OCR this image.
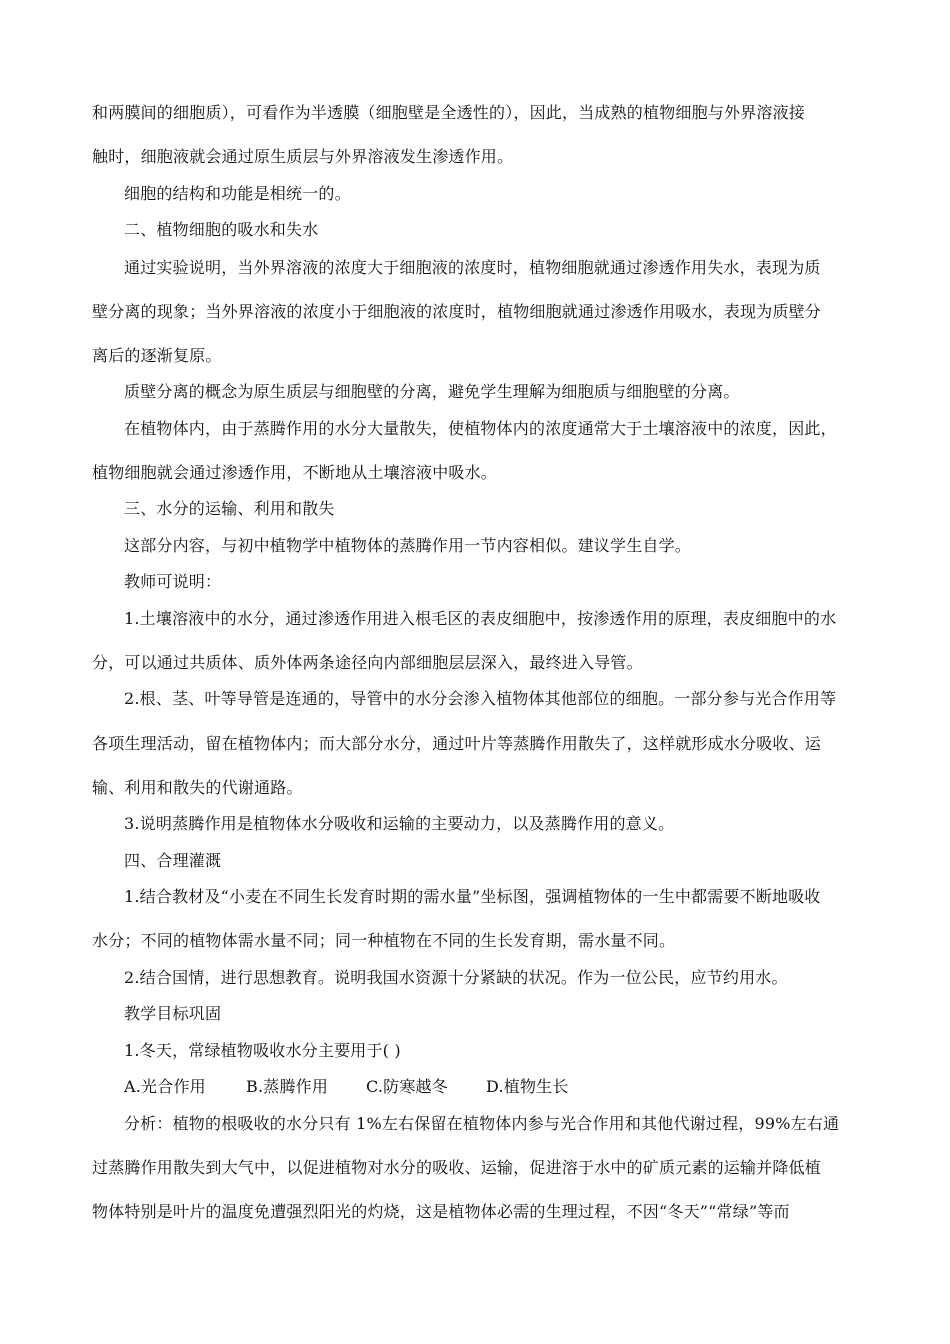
和两膜间的细胞质），可看作为半透膜（细胞壁是全透性的），因此，当成熟的植物细胞与外界溶液接
触时，细胞液就会通过原生质层与外界溶液发生渗透作用。
细胞的结构和功能是相统一的。
二、植物细胞的吸水和失水
通过实验说明，当外界溶液的浓度大于细胞液的浓度时，植物细胞就通过渗透作用失水，表现为质
壁分离的现象；当外界溶液的浓度小于细胞液的浓度时，植物细胞就通过渗透作用吸水，表现为质壁分
离后的逐渐复原。
质壁分离的概念为原生质层与细胞壁的分离，避免学生理解为细胞质与细胞壁的分离。
在植物体内，由于蒸腾作用的水分大量散失，使植物体内的浓度通常大于土壤溶液中的浓度，因此，
植物细胞就会通过渗透作用，不断地从土壤溶液中吸水。
三、水分的运输、利用和散失
这部分内容，与初中植物学中植物体的蒸腾作用一节内容相似。建议学生自学。
教师可说明：
1.土壤溶液中的水分，通过渗透作用进入根毛区的表皮细胞中，按渗透作用的原理，表皮细胞中的水
分，可以通过共质体、质外体两条途径向内部细胞层层深入，最终进入导管。
2.根、茎、叶等导管是连通的，导管中的水分会渗入植物体其他部位的细胞。一部分参与光合作用等
各项生理活动，留在植物体内；而大部分水分，通过叶片等蒸腾作用散失了，这样就形成水分吸收、运
输、利用和散失的代谢通路。
3.说明蒸腾作用是植物体水分吸收和运输的主要动力，以及蒸腾作用的意义。
四、合理灌溉
1.结合教材及“小麦在不同生长发育时期的需水量”坐标图，强调植物体的一生中都需要不断地吸收
水分；不同的植物体需水量不同；同一种植物在不同的生长发育期，需水量不同。
2.结合国情，进行思想教育。说明我国水资源十分紧缺的状况。作为一位公民，应节约用水。
教学目标巩固
1.冬天，常绿植物吸收水分主要用于( )
A.光合作用	B.蒸腾作用 C.防寒越冬 D.植物生长
分析：植物的根吸收的水分只有 1%左右保留在植物体内参与光合作用和其他代谢过程，99%左右通
过蒸腾作用散失到大气中，以促进植物对水分的吸收、运输，促进溶于水中的矿质元素的运输并降低植
物体特别是叶片的温度免遭强烈阳光的灼烧，这是植物体必需的生理过程，不因“冬天”“常绿”等而
